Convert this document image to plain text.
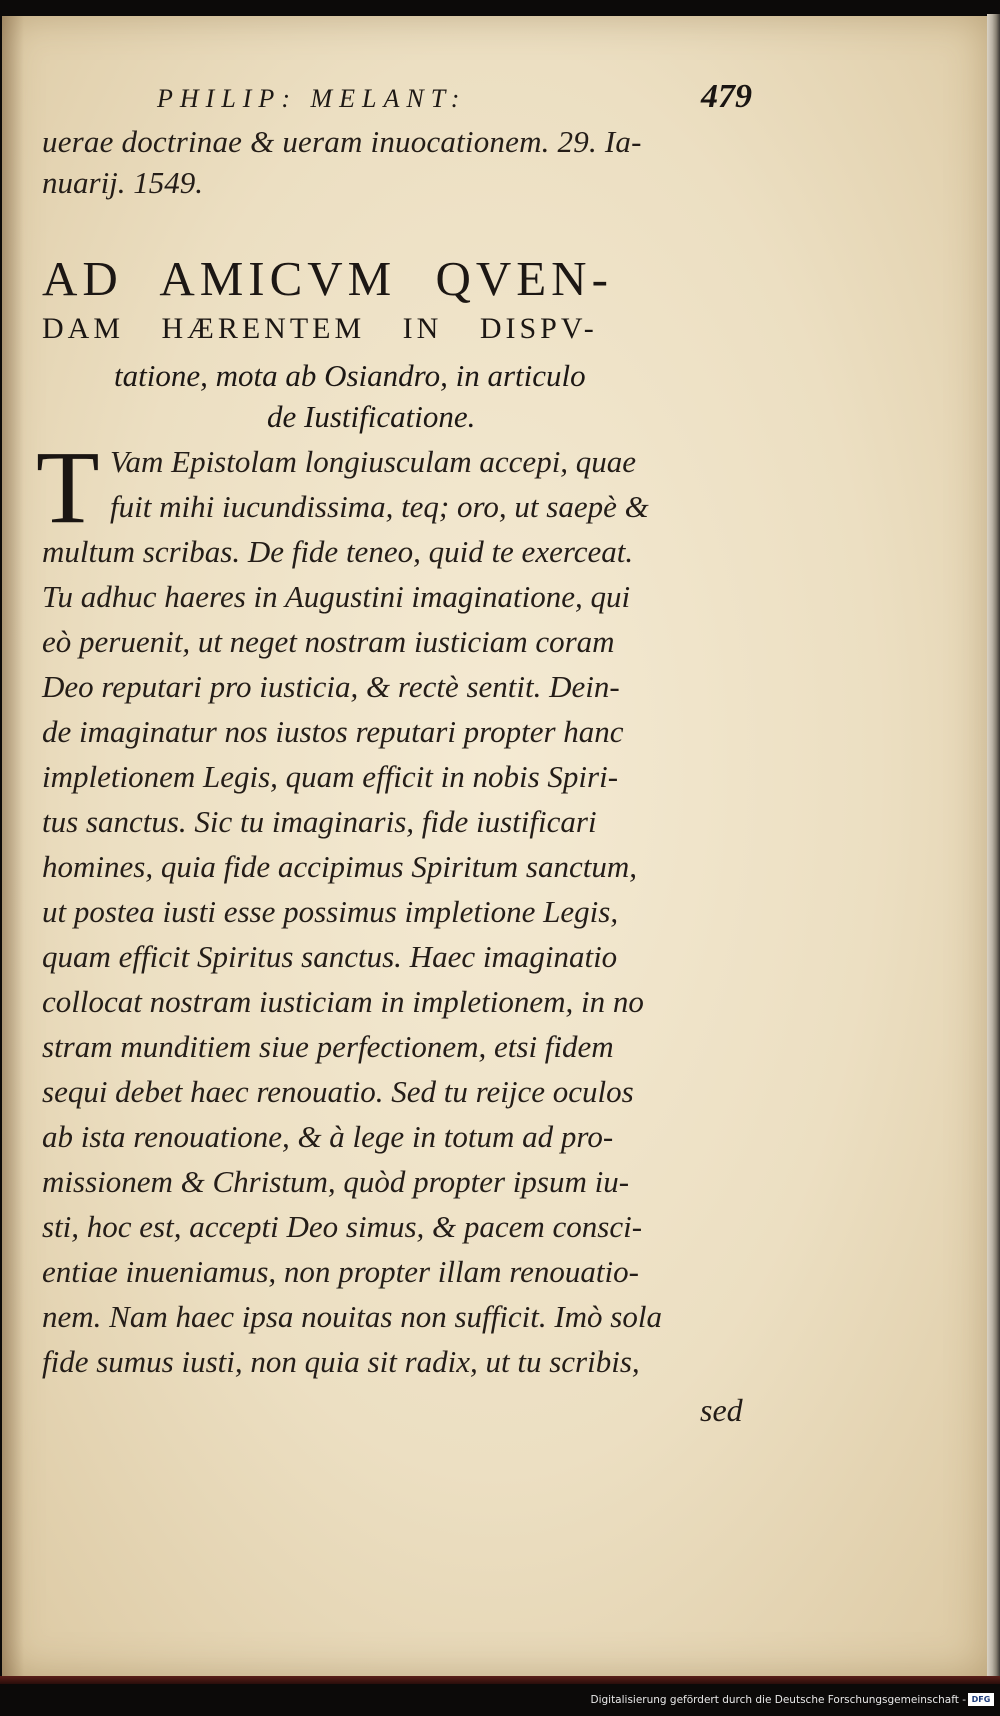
PHILIP: MELANT:	479
uerae doctrinae & ueram inuocationem. 29. Ia-
nuarij. 1549.
AD AMICVM QVEN-
DAM HÆRENTEM IN DISPV-
tatione, mota ab Osiandro, in articulo
de Iustificatione.
T Vam Epistolam longiusculam accepi, quae
fuit mihi iucundissima, teq; oro, ut saepè &
multum scribas. De fide teneo, quid te exerceat.
Tu adhuc haeres in Augustini imaginatione, qui
eò peruenit, ut neget nostram iusticiam coram
Deo reputari pro iusticia, & rectè sentit. Dein-
de imaginatur nos iustos reputari propter hanc
impletionem Legis, quam efficit in nobis Spiri-
tus sanctus. Sic tu imaginaris, fide iustificari
homines, quia fide accipimus Spiritum sanctum,
ut postea iusti esse possimus impletione Legis,
quam efficit Spiritus sanctus. Haec imaginatio
collocat nostram iusticiam in impletionem, in no
stram munditiem siue perfectionem, etsi fidem
sequi debet haec renouatio. Sed tu reijce oculos
ab ista renouatione, & à lege in totum ad pro-
missionem & Christum, quòd propter ipsum iu-
sti, hoc est, accepti Deo simus, & pacem consci-
entiae inueniamus, non propter illam renouatio-
nem. Nam haec ipsa nouitas non sufficit. Imò sola
fide sumus iusti, non quia sit radix, ut tu scribis,
sed
Digitalisierung gefördert durch die Deutsche Forschungsgemeinschaft - DFG
